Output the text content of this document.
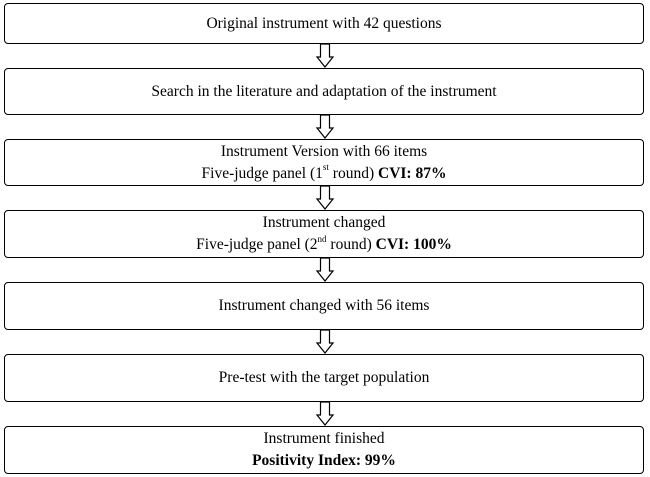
Original instrument with 42 questions
Search in the literature and adaptation of the instrument
Instrument Version with 66 items
Five-judge panel (1st round) CVI: 87%
Instrument changed
Five-judge panel (2nd round) CVI: 100%
Instrument changed with 56 items
Pre-test with the target population
Instrument finished
Positivity Index: 99%
